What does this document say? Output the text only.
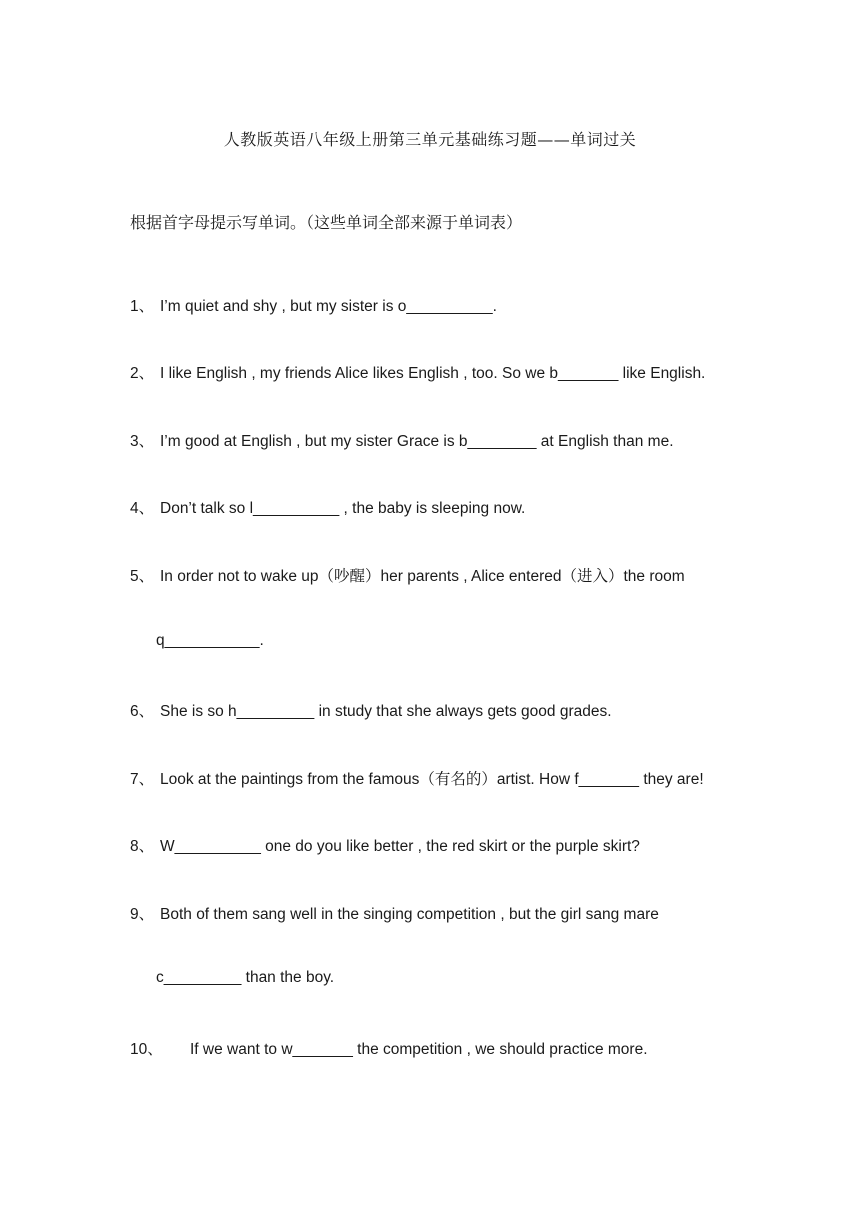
人教版英语八年级上册第三单元基础练习题——单词过关
根据首字母提示写单词。（这些单词全部来源于单词表）
1、 I’m quiet and shy , but my sister is o__________.
2、 I like English , my friends Alice likes English , too. So we b_______ like English.
3、 I’m good at English , but my sister Grace is b________ at English than me.
4、 Don’t talk so l__________ , the baby is sleeping now.
5、 In order not to wake up（吵醒）her parents , Alice entered（进入）the room
q___________.
6、 She is so h_________ in study that she always gets good grades.
7、 Look at the paintings from the famous（有名的）artist. How f_______ they are!
8、 W__________ one do you like better , the red skirt or the purple skirt?
9、 Both of them sang well in the singing competition , but the girl sang mare
c_________ than the boy.
10、 If we want to w_______ the competition , we should practice more.
